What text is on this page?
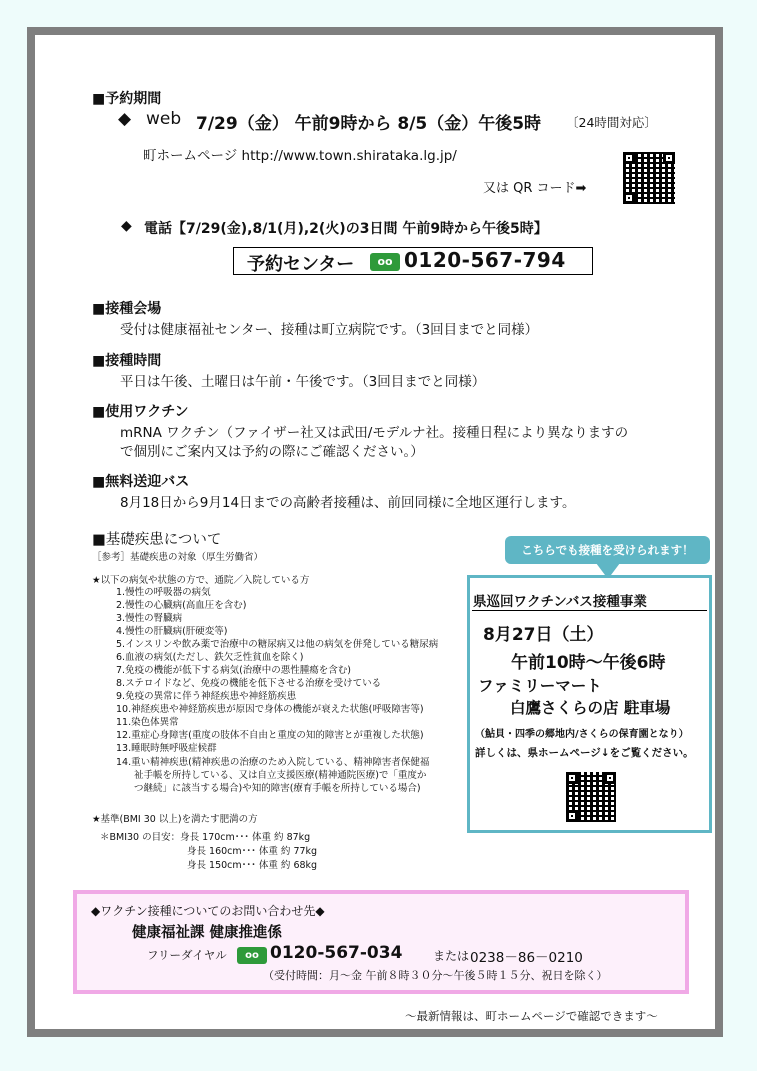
■予約期間
◆ web 7/29（金） 午前9時から 8/5（金）午後5時 〔24時間対応〕
町ホームページ http://www.town.shirataka.lg.jp/
又は QR コード➡
◆ 電話【7/29(金),8/1(月),2(火)の3日間 午前9時から午後5時】
予約センター	oo 0120-567-794
■接種会場
受付は健康福祉センター、接種は町立病院です。（3回目までと同様）
■接種時間
平日は午後、土曜日は午前・午後です。（3回目までと同様）
■使用ワクチン
mRNA ワクチン（ファイザー社又は武田/モデルナ社。接種日程により異なりますの
で個別にご案内又は予約の際にご確認ください。）
■無料送迎バス
8月18日から9月14日までの高齢者接種は、前回同様に全地区運行します。
■基礎疾患について
［参考］基礎疾患の対象（厚生労働省）
★以下の病気や状態の方で、通院／入院している方
1.慢性の呼吸器の病気
2.慢性の心臓病(高血圧を含む)
3.慢性の腎臓病
4.慢性の肝臓病(肝硬変等)
5.インスリンや飲み薬で治療中の糖尿病又は他の病気を併発している糖尿病
6.血液の病気(ただし、鉄欠乏性貧血を除く)
7.免疫の機能が低下する病気(治療中の悪性腫瘍を含む)
8.ステロイドなど、免疫の機能を低下させる治療を受けている
9.免疫の異常に伴う神経疾患や神経筋疾患
10.神経疾患や神経筋疾患が原因で身体の機能が衰えた状態(呼吸障害等)
11.染色体異常
12.重症心身障害(重度の肢体不自由と重度の知的障害とが重複した状態)
13.睡眠時無呼吸症候群
14.重い精神疾患(精神疾患の治療のため入院している、精神障害者保健福
祉手帳を所持している、又は自立支援医療(精神通院医療)で「重度か
つ継続」に該当する場合)や知的障害(療育手帳を所持している場合)
★基準(BMI 30 以上)を満たす肥満の方
＊BMI30 の目安：身長 170cm･･･ 体重 約 87kg
身長 160cm･･･ 体重 約 77kg
身長 150cm･･･ 体重 約 68kg
こちらでも接種を受けられます！
県巡回ワクチンバス接種事業
8月27日（土）
午前10時～午後6時
ファミリーマート
白鷹さくらの店 駐車場
（鮎貝・四季の郷地内/さくらの保育園となり）
詳しくは、県ホームページ↓をご覧ください。
◆ワクチン接種についてのお問い合わせ先◆
健康福祉課 健康推進係
フリーダイヤル	oo 0120-567-034	または 0238－86－0210
（受付時間：月～金 午前８時３０分～午後５時１５分、祝日を除く）
～最新情報は、町ホームページで確認できます～
